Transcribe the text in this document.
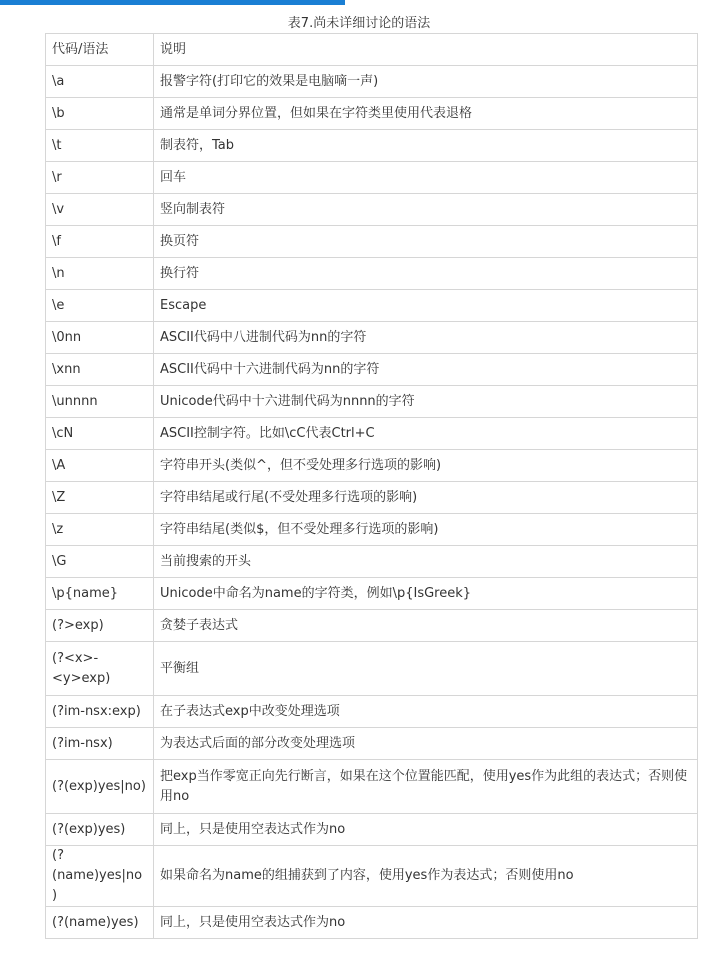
表7.尚未详细讨论的语法
代码/语法	说明
\a	报警字符(打印它的效果是电脑嘀一声)
\b	通常是单词分界位置，但如果在字符类里使用代表退格
\t	制表符，Tab
\r	回车
\v	竖向制表符
\f	换页符
\n	换行符
\e	Escape
\0nn	ASCII代码中八进制代码为nn的字符
\xnn	ASCII代码中十六进制代码为nn的字符
\unnnn	Unicode代码中十六进制代码为nnnn的字符
\cN	ASCII控制字符。比如\cC代表Ctrl+C
\A	字符串开头(类似^，但不受处理多行选项的影响)
\Z	字符串结尾或行尾(不受处理多行选项的影响)
\z	字符串结尾(类似$，但不受处理多行选项的影响)
\G	当前搜索的开头
\p{name}	Unicode中命名为name的字符类，例如\p{IsGreek}
(?>exp)	贪婪子表达式
(?<x>-<y>exp)	平衡组
(?im-nsx:exp)	在子表达式exp中改变处理选项
(?im-nsx)	为表达式后面的部分改变处理选项
(?(exp)yes|no)	把exp当作零宽正向先行断言，如果在这个位置能匹配，使用yes作为此组的表达式；否则使用no
(?(exp)yes)	同上，只是使用空表达式作为no
(?(name)yes|no)	如果命名为name的组捕获到了内容，使用yes作为表达式；否则使用no
(?(name)yes)	同上，只是使用空表达式作为no
